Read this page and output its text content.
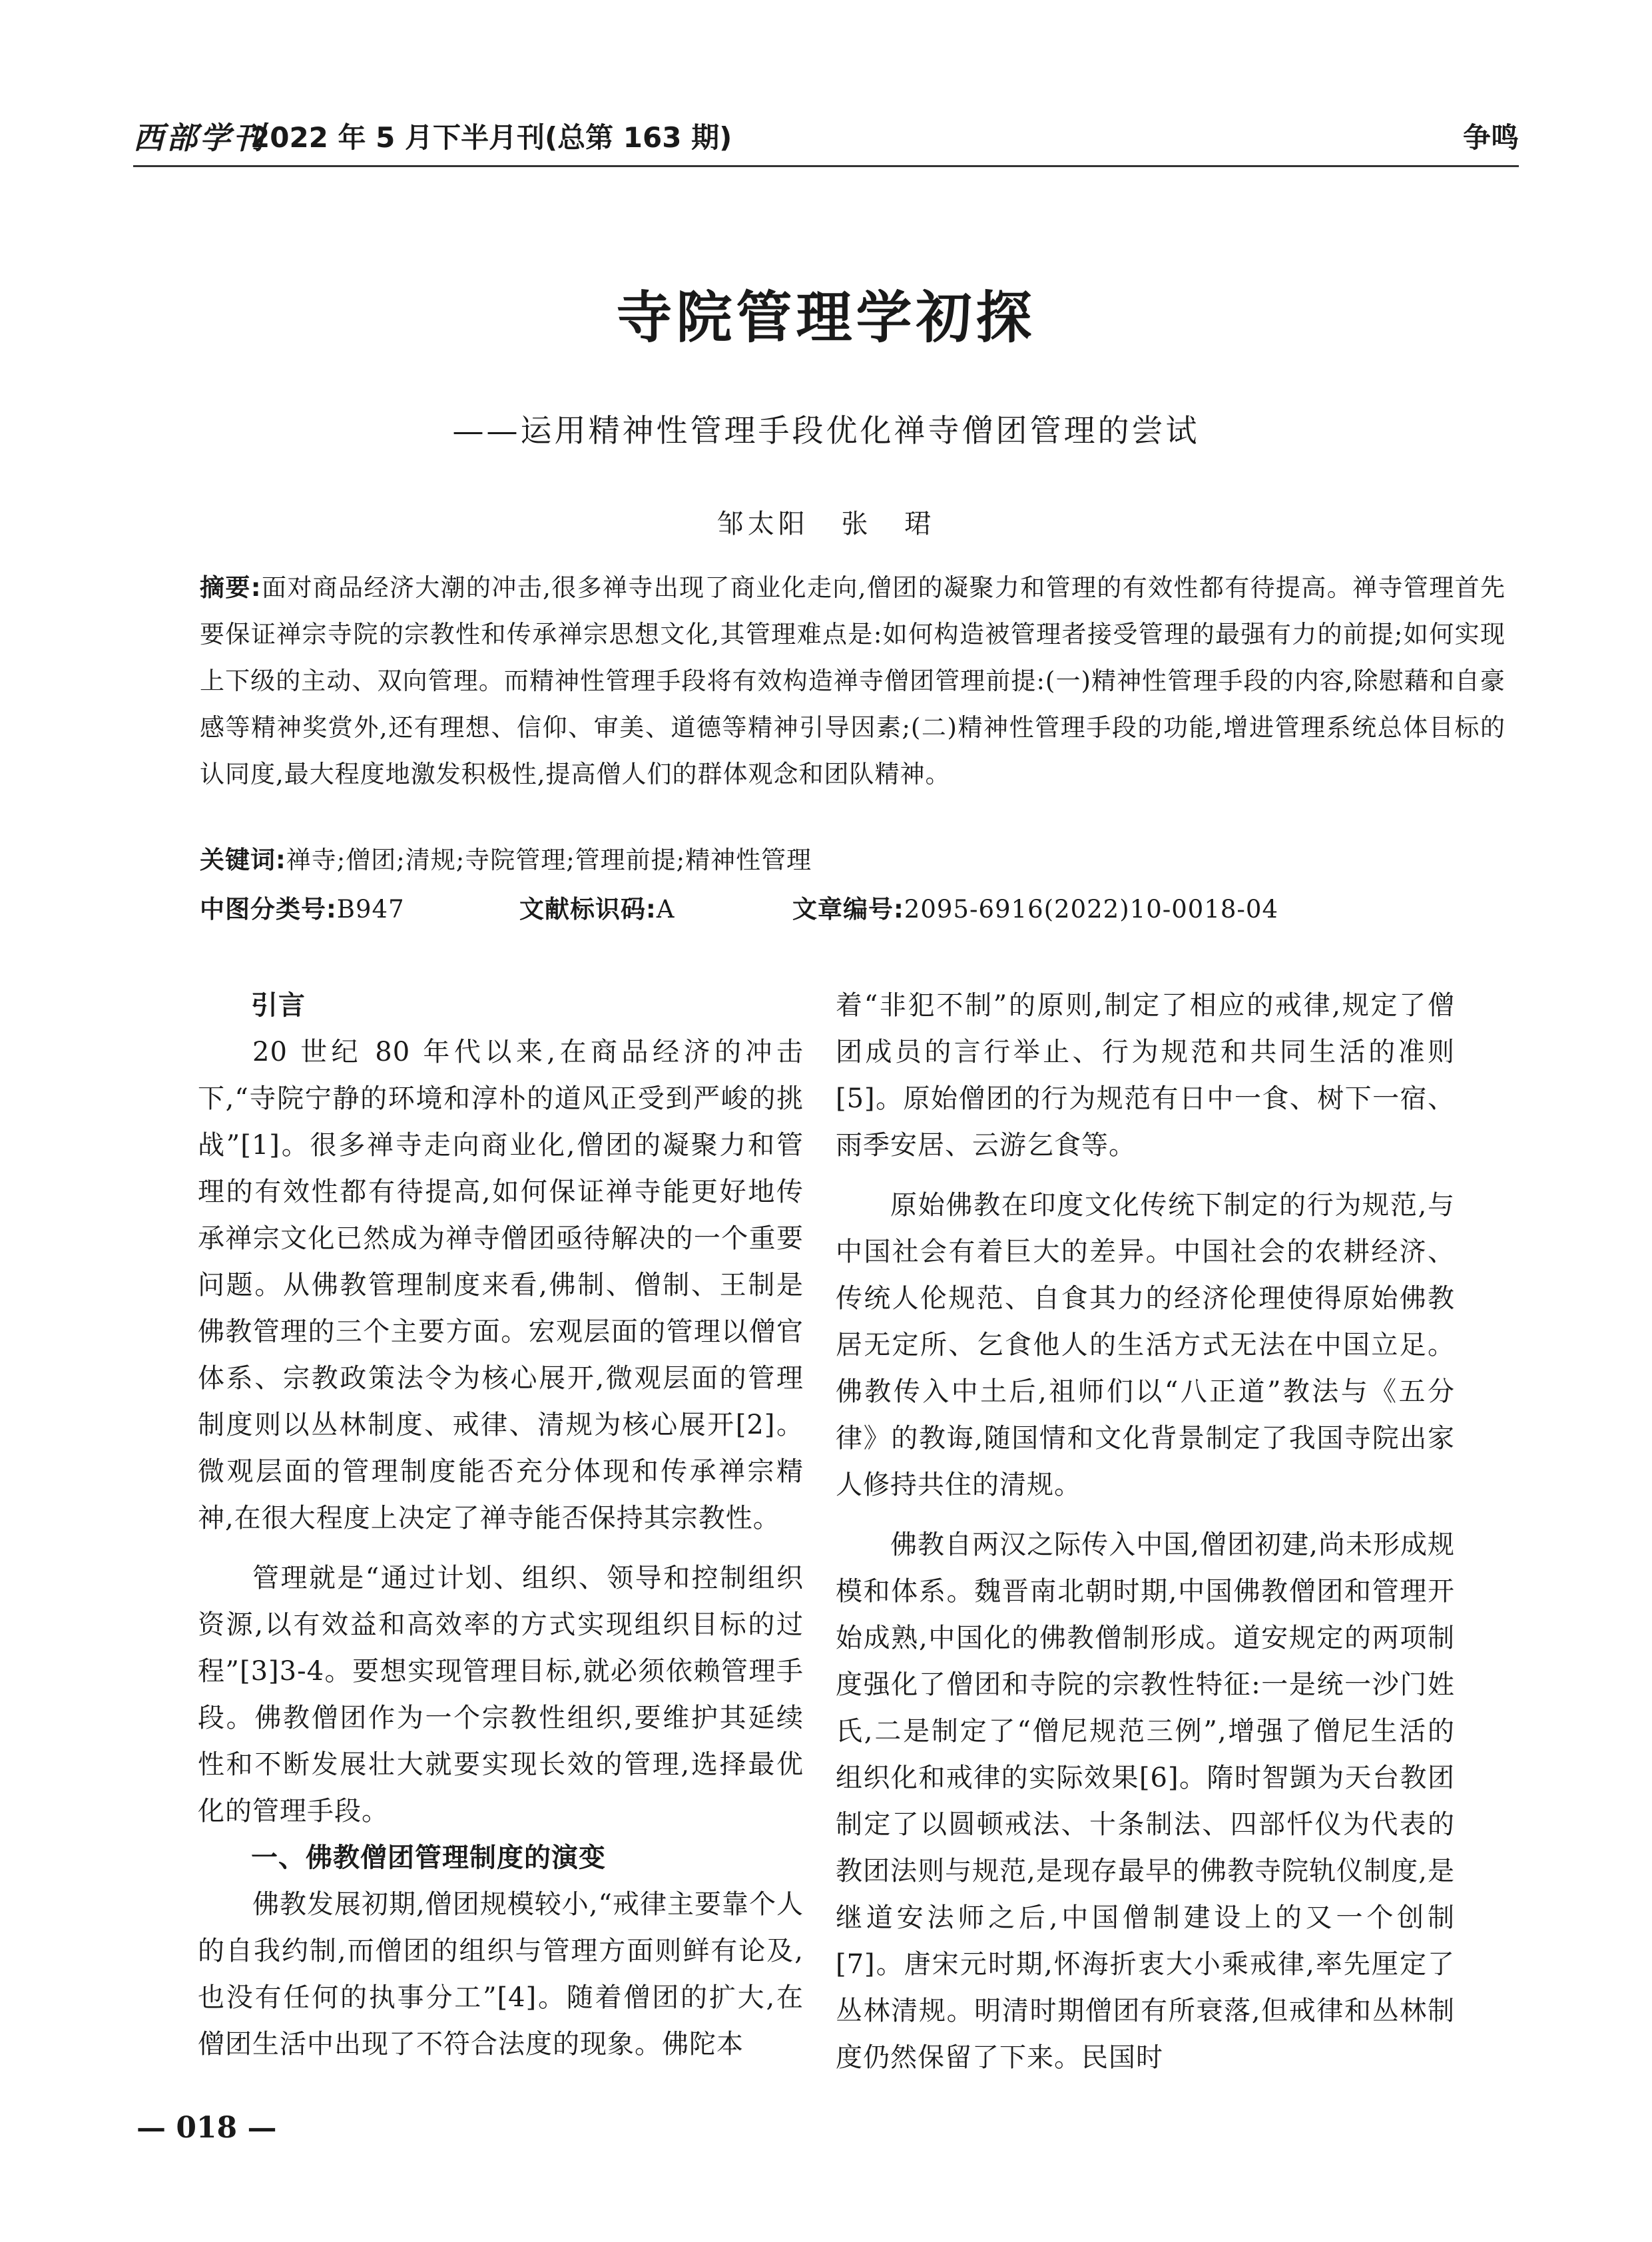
西部学刊
2022 年 5 月下半月刊(总第 163 期)	争鸣
寺院管理学初探
——运用精神性管理手段优化禅寺僧团管理的尝试
邹太阳 张 珺
摘要:面对商品经济大潮的冲击,很多禅寺出现了商业化走向,僧团的凝聚力和管理的有效性都有待提高。禅寺管理首先要保证禅宗寺院的宗教性和传承禅宗思想文化,其管理难点是:如何构造被管理者接受管理的最强有力的前提;如何实现上下级的主动、双向管理。而精神性管理手段将有效构造禅寺僧团管理前提:(一)精神性管理手段的内容,除慰藉和自豪感等精神奖赏外,还有理想、信仰、审美、道德等精神引导因素;(二)精神性管理手段的功能,增进管理系统总体目标的认同度,最大程度地激发积极性,提高僧人们的群体观念和团队精神。
关键词:禅寺;僧团;清规;寺院管理;管理前提;精神性管理
中图分类号:B947	文献标识码:A	文章编号:2095-6916(2022)10-0018-04
引言

20 世纪 80 年代以来,在商品经济的冲击下,“寺院宁静的环境和淳朴的道风正受到严峻的挑战”[1]。很多禅寺走向商业化,僧团的凝聚力和管理的有效性都有待提高,如何保证禅寺能更好地传承禅宗文化已然成为禅寺僧团亟待解决的一个重要问题。从佛教管理制度来看,佛制、僧制、王制是佛教管理的三个主要方面。宏观层面的管理以僧官体系、宗教政策法令为核心展开,微观层面的管理制度则以丛林制度、戒律、清规为核心展开[2]。微观层面的管理制度能否充分体现和传承禅宗精神,在很大程度上决定了禅寺能否保持其宗教性。

管理就是“通过计划、组织、领导和控制组织资源,以有效益和高效率的方式实现组织目标的过程”[3]3-4。要想实现管理目标,就必须依赖管理手段。佛教僧团作为一个宗教性组织,要维护其延续性和不断发展壮大就要实现长效的管理,选择最优化的管理手段。

一、佛教僧团管理制度的演变

佛教发展初期,僧团规模较小,“戒律主要靠个人的自我约制,而僧团的组织与管理方面则鲜有论及,也没有任何的执事分工”[4]。随着僧团的扩大,在僧团生活中出现了不符合法度的现象。佛陀本

着“非犯不制”的原则,制定了相应的戒律,规定了僧团成员的言行举止、行为规范和共同生活的准则[5]。原始僧团的行为规范有日中一食、树下一宿、雨季安居、云游乞食等。

原始佛教在印度文化传统下制定的行为规范,与中国社会有着巨大的差异。中国社会的农耕经济、传统人伦规范、自食其力的经济伦理使得原始佛教居无定所、乞食他人的生活方式无法在中国立足。佛教传入中土后,祖师们以“八正道”教法与《五分律》的教诲,随国情和文化背景制定了我国寺院出家人修持共住的清规。

佛教自两汉之际传入中国,僧团初建,尚未形成规模和体系。魏晋南北朝时期,中国佛教僧团和管理开始成熟,中国化的佛教僧制形成。道安规定的两项制度强化了僧团和寺院的宗教性特征:一是统一沙门姓氏,二是制定了“僧尼规范三例”,增强了僧尼生活的组织化和戒律的实际效果[6]。隋时智顗为天台教团制定了以圆顿戒法、十条制法、四部忏仪为代表的教团法则与规范,是现存最早的佛教寺院轨仪制度,是继道安法师之后,中国僧制建设上的又一个创制[7]。唐宋元时期,怀海折衷大小乘戒律,率先厘定了丛林清规。明清时期僧团有所衰落,但戒律和丛林制度仍然保留了下来。民国时

— 018 —
